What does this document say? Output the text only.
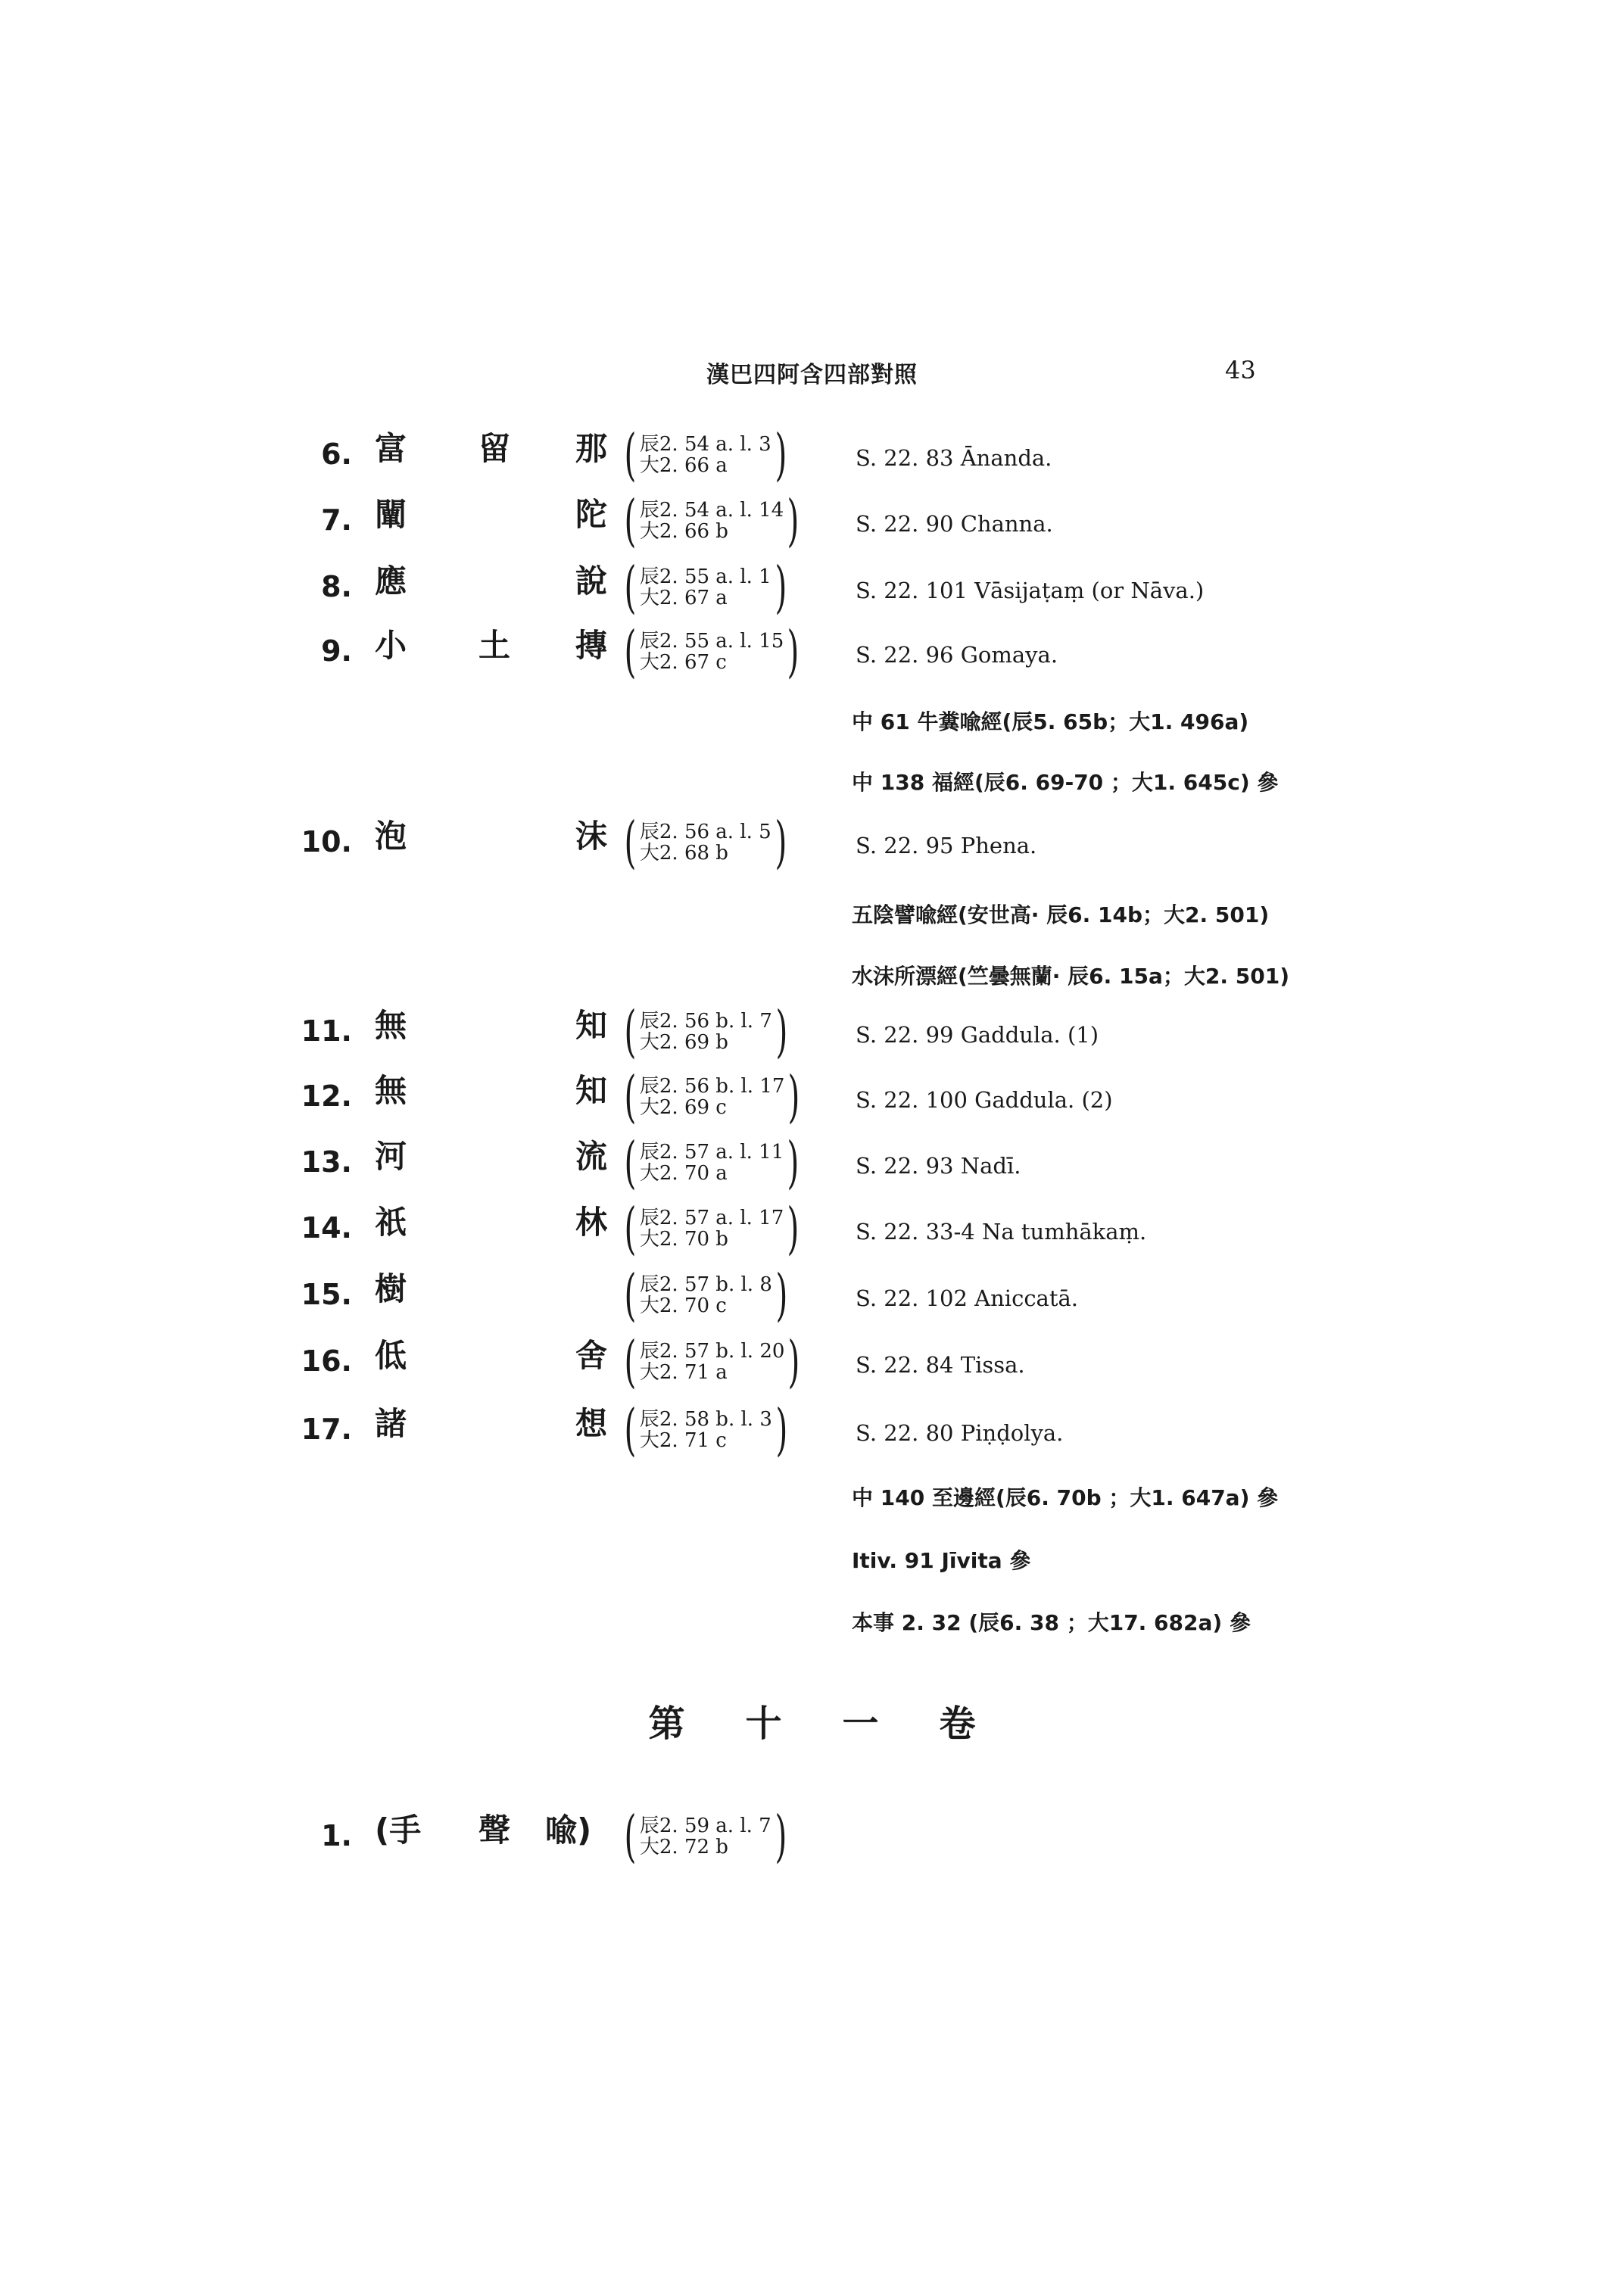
漢巴四阿含四部對照	43
6. 富 留 那 ( 辰2. 54 a. l. 3
大2. 66 a )	S. 22. 83 Ānanda.
7. 闡	陀 ( 辰2. 54 a. l. 14
大2. 66 b	)	S. 22. 90 Channa.
8. 應	說 ( 辰2. 55 a. l. 1
大2. 67 a )	S. 22. 101 Vāsijaṭaṃ (or Nāva.)
9. 小 土 摶 ( 辰2. 55 a. l. 15
大2. 67 c	)	S. 22. 96 Gomaya.
中 61 牛糞喩經(辰5. 65b；大1. 496a)
中 138 福經(辰6. 69-70 ；大1. 645c) 參
10. 泡	沫 ( 辰2. 56 a. l. 5
大2. 68 b )	S. 22. 95 Phena.
五陰譬喩經(安世高· 辰6. 14b；大2. 501)
水沫所漂經(竺曇無蘭· 辰6. 15a；大2. 501)
11. 無	知 ( 辰2. 56 b. l. 7
大2. 69 b )	S. 22. 99 Gaddula. (1)
12. 無	知 ( 辰2. 56 b. l. 17
大2. 69 c	)	S. 22. 100 Gaddula. (2)
13. 河	流 ( 辰2. 57 a. l. 11
大2. 70 a	)	S. 22. 93 Nadī.
14. 祇	林 ( 辰2. 57 a. l. 17
大2. 70 b	)	S. 22. 33-4 Na tumhākaṃ.
15. 樹	( 辰2. 57 b. l. 8
大2. 70 c )	S. 22. 102 Aniccatā.
16. 低	舍 ( 辰2. 57 b. l. 20
大2. 71 a	)	S. 22. 84 Tissa.
17. 諸	想 ( 辰2. 58 b. l. 3
大2. 71 c )	S. 22. 80 Piṇḍolya.
中 140 至邊經(辰6. 70b ；大1. 647a) 參
Itiv. 91 Jīvita 參
本事 2. 32 (辰6. 38 ；大17. 682a) 參
第 十 一 卷
1. (手 聲 喩) ( 辰2. 59 a. l. 7
大2. 72 b )
